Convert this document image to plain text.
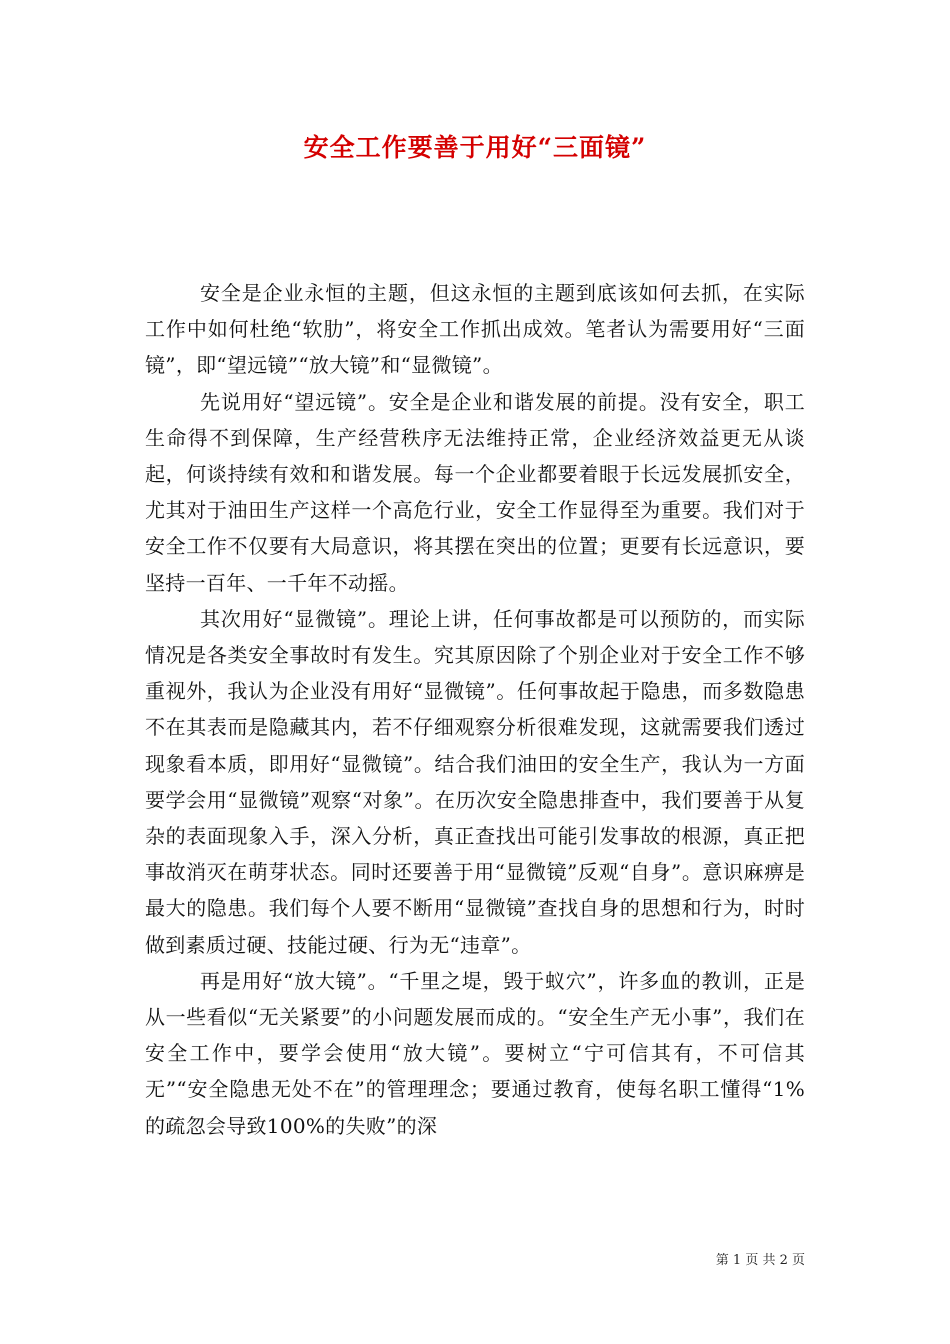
安全工作要善于用好“三面镜”

安全是企业永恒的主题，但这永恒的主题到底该如何去抓，在实际工作中如何杜绝“软肋”，将安全工作抓出成效。笔者认为需要用好“三面镜”，即“望远镜”“放大镜”和“显微镜”。

先说用好“望远镜”。安全是企业和谐发展的前提。没有安全，职工生命得不到保障，生产经营秩序无法维持正常，企业经济效益更无从谈起，何谈持续有效和和谐发展。每一个企业都要着眼于长远发展抓安全，尤其对于油田生产这样一个高危行业，安全工作显得至为重要。我们对于安全工作不仅要有大局意识，将其摆在突出的位置；更要有长远意识，要坚持一百年、一千年不动摇。

其次用好“显微镜”。理论上讲，任何事故都是可以预防的，而实际情况是各类安全事故时有发生。究其原因除了个别企业对于安全工作不够重视外，我认为企业没有用好“显微镜”。任何事故起于隐患，而多数隐患不在其表而是隐藏其内，若不仔细观察分析很难发现，这就需要我们透过现象看本质，即用好“显微镜”。结合我们油田的安全生产，我认为一方面要学会用“显微镜”观察“对象”。在历次安全隐患排查中，我们要善于从复杂的表面现象入手，深入分析，真正查找出可能引发事故的根源，真正把事故消灭在萌芽状态。同时还要善于用“显微镜”反观“自身”。意识麻痹是最大的隐患。我们每个人要不断用“显微镜”查找自身的思想和行为，时时做到素质过硬、技能过硬、行为无“违章”。

再是用好“放大镜”。“千里之堤，毁于蚁穴”，许多血的教训，正是从一些看似“无关紧要”的小问题发展而成的。“安全生产无小事”，我们在安全工作中，要学会使用“放大镜”。要树立“宁可信其有，不可信其无”“安全隐患无处不在”的管理理念；要通过教育，使每名职工懂得“1%的疏忽会导致100%的失败”的深

第 1 页 共 2 页
